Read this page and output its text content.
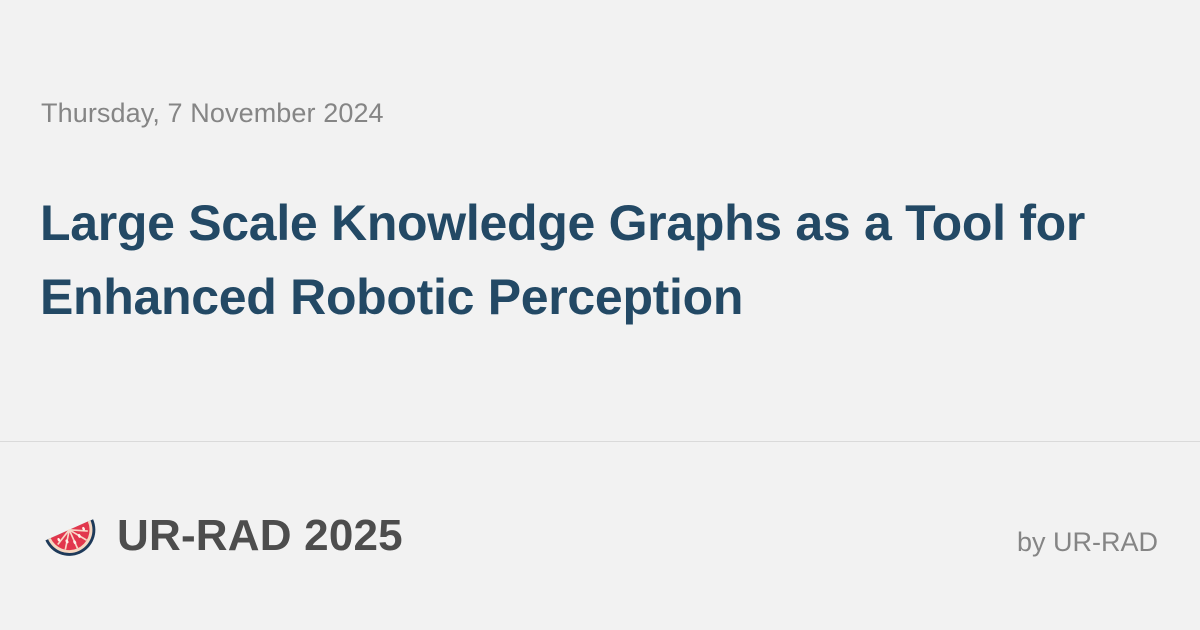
Thursday, 7 November 2024
Large Scale Knowledge Graphs as a Tool for Enhanced Robotic Perception
UR-RAD 2025	by UR-RAD
